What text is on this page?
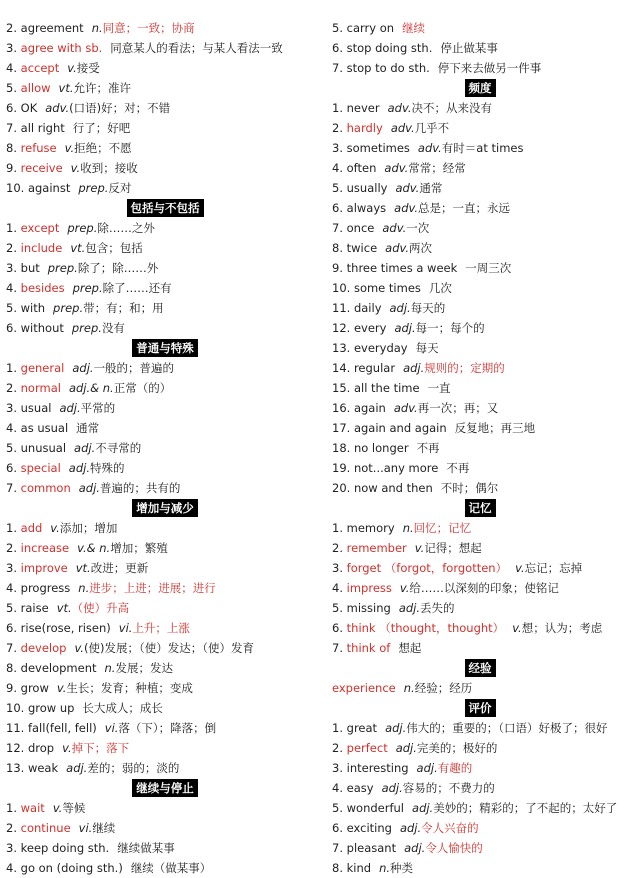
2. agreement n.同意；一致；协商
3. agree with sb. 同意某人的看法；与某人看法一致
4. accept v.接受
5. allow vt.允许；准许
6. OK adv.(口语)好；对；不错
7. all right 行了；好吧
8. refuse v.拒绝；不愿
9. receive v.收到；接收
10. against prep.反对
包括与不包括
1. except prep.除……之外
2. include vt.包含；包括
3. but prep.除了；除……外
4. besides prep.除了……还有
5. with prep.带；有；和；用
6. without prep.没有
普通与特殊
1. general adj.一般的；普遍的
2. normal adj.& n.正常（的）
3. usual adj.平常的
4. as usual 通常
5. unusual adj.不寻常的
6. special adj.特殊的
7. common adj.普遍的；共有的
增加与减少
1. add v.添加；增加
2. increase v.& n.增加；繁殖
3. improve vt.改进；更新
4. progress n.进步；上进；进展；进行
5. raise vt.（使）升高
6. rise(rose, risen) vi.上升；上涨
7. develop v.(使)发展；（使）发达；（使）发育
8. development n.发展；发达
9. grow v.生长；发育；种植；变成
10. grow up 长大成人；成长
11. fall(fell, fell) vi.落（下）；降落；倒
12. drop v.掉下；落下
13. weak adj.差的；弱的；淡的
继续与停止
1. wait v.等候
2. continue vi.继续
3. keep doing sth. 继续做某事
4. go on (doing sth.) 继续（做某事）
5. carry on 继续
6. stop doing sth. 停止做某事
7. stop to do sth. 停下来去做另一件事
频度
1. never adv.决不；从来没有
2. hardly adv.几乎不
3. sometimes adv.有时＝at times
4. often adv.常常；经常
5. usually adv.通常
6. always adv.总是；一直；永远
7. once adv.一次
8. twice adv.两次
9. three times a week 一周三次
10. some times 几次
11. daily adj.每天的
12. every adj.每一；每个的
13. everyday 每天
14. regular adj.规则的；定期的
15. all the time 一直
16. again adv.再一次；再；又
17. again and again 反复地；再三地
18. no longer 不再
19. not...any more 不再
20. now and then 不时；偶尔
记忆
1. memory n.回忆；记忆
2. remember v.记得；想起
3. forget （forgot，forgotten） v.忘记；忘掉
4. impress v.给……以深刻的印象；使铭记
5. missing adj.丢失的
6. think （thought，thought） v.想；认为；考虑
7. think of 想起
经验
experience n.经验；经历
评价
1. great adj.伟大的；重要的；（口语）好极了；很好
2. perfect adj.完美的；极好的
3. interesting adj.有趣的
4. easy adj.容易的；不费力的
5. wonderful adj.美妙的；精彩的；了不起的；太好了
6. exciting adj.令人兴奋的
7. pleasant adj.令人愉快的
8. kind n.种类
